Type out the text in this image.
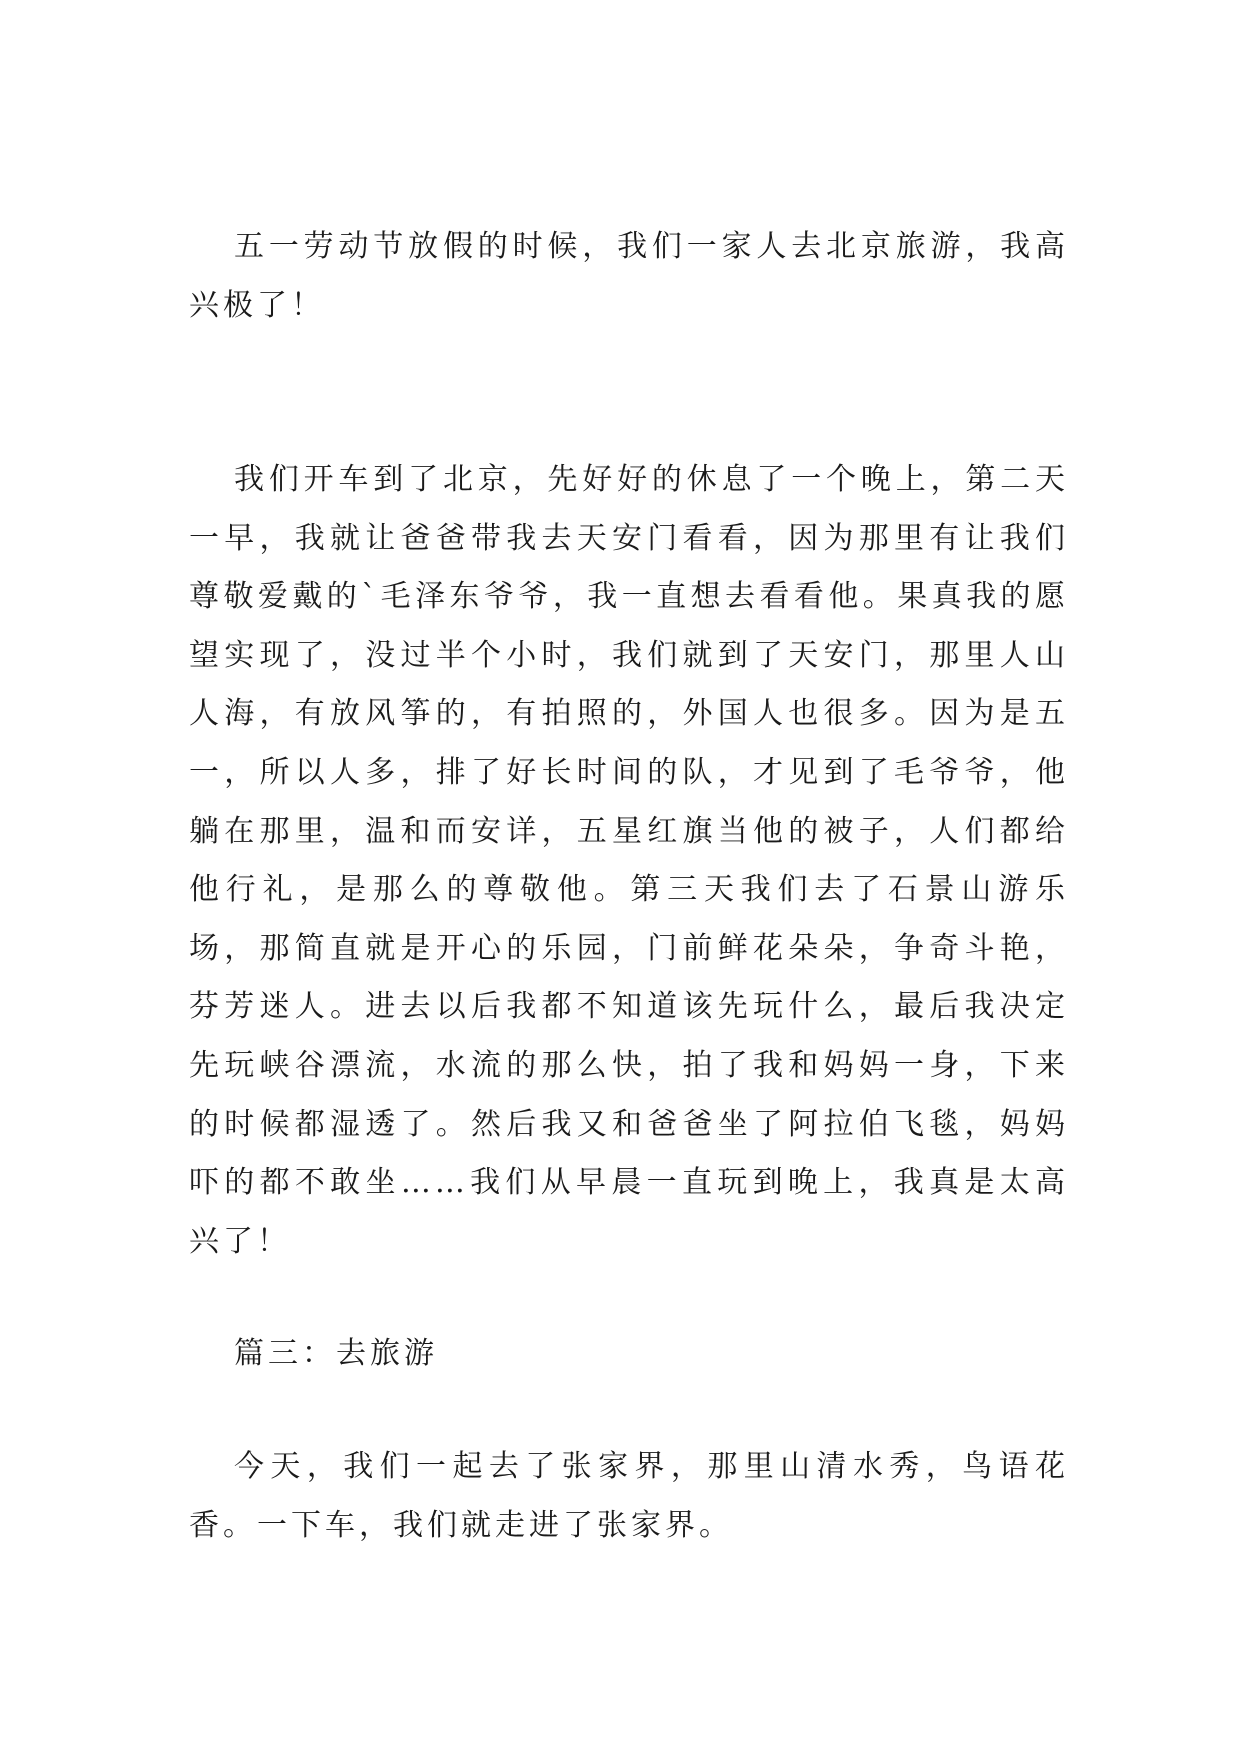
五一劳动节放假的时候，我们一家人去北京旅游，我高兴极了！

我们开车到了北京，先好好的休息了一个晚上，第二天一早，我就让爸爸带我去天安门看看，因为那里有让我们尊敬爱戴的`毛泽东爷爷，我一直想去看看他。果真我的愿望实现了，没过半个小时，我们就到了天安门，那里人山人海，有放风筝的，有拍照的，外国人也很多。因为是五一，所以人多，排了好长时间的队，才见到了毛爷爷，他躺在那里，温和而安详，五星红旗当他的被子，人们都给他行礼，是那么的尊敬他。第三天我们去了石景山游乐场，那简直就是开心的乐园，门前鲜花朵朵，争奇斗艳，芬芳迷人。进去以后我都不知道该先玩什么，最后我决定先玩峡谷漂流，水流的那么快，拍了我和妈妈一身，下来的时候都湿透了。然后我又和爸爸坐了阿拉伯飞毯，妈妈吓的都不敢坐……我们从早晨一直玩到晚上，我真是太高兴了！

篇三：去旅游

今天，我们一起去了张家界，那里山清水秀，鸟语花香。一下车，我们就走进了张家界。
